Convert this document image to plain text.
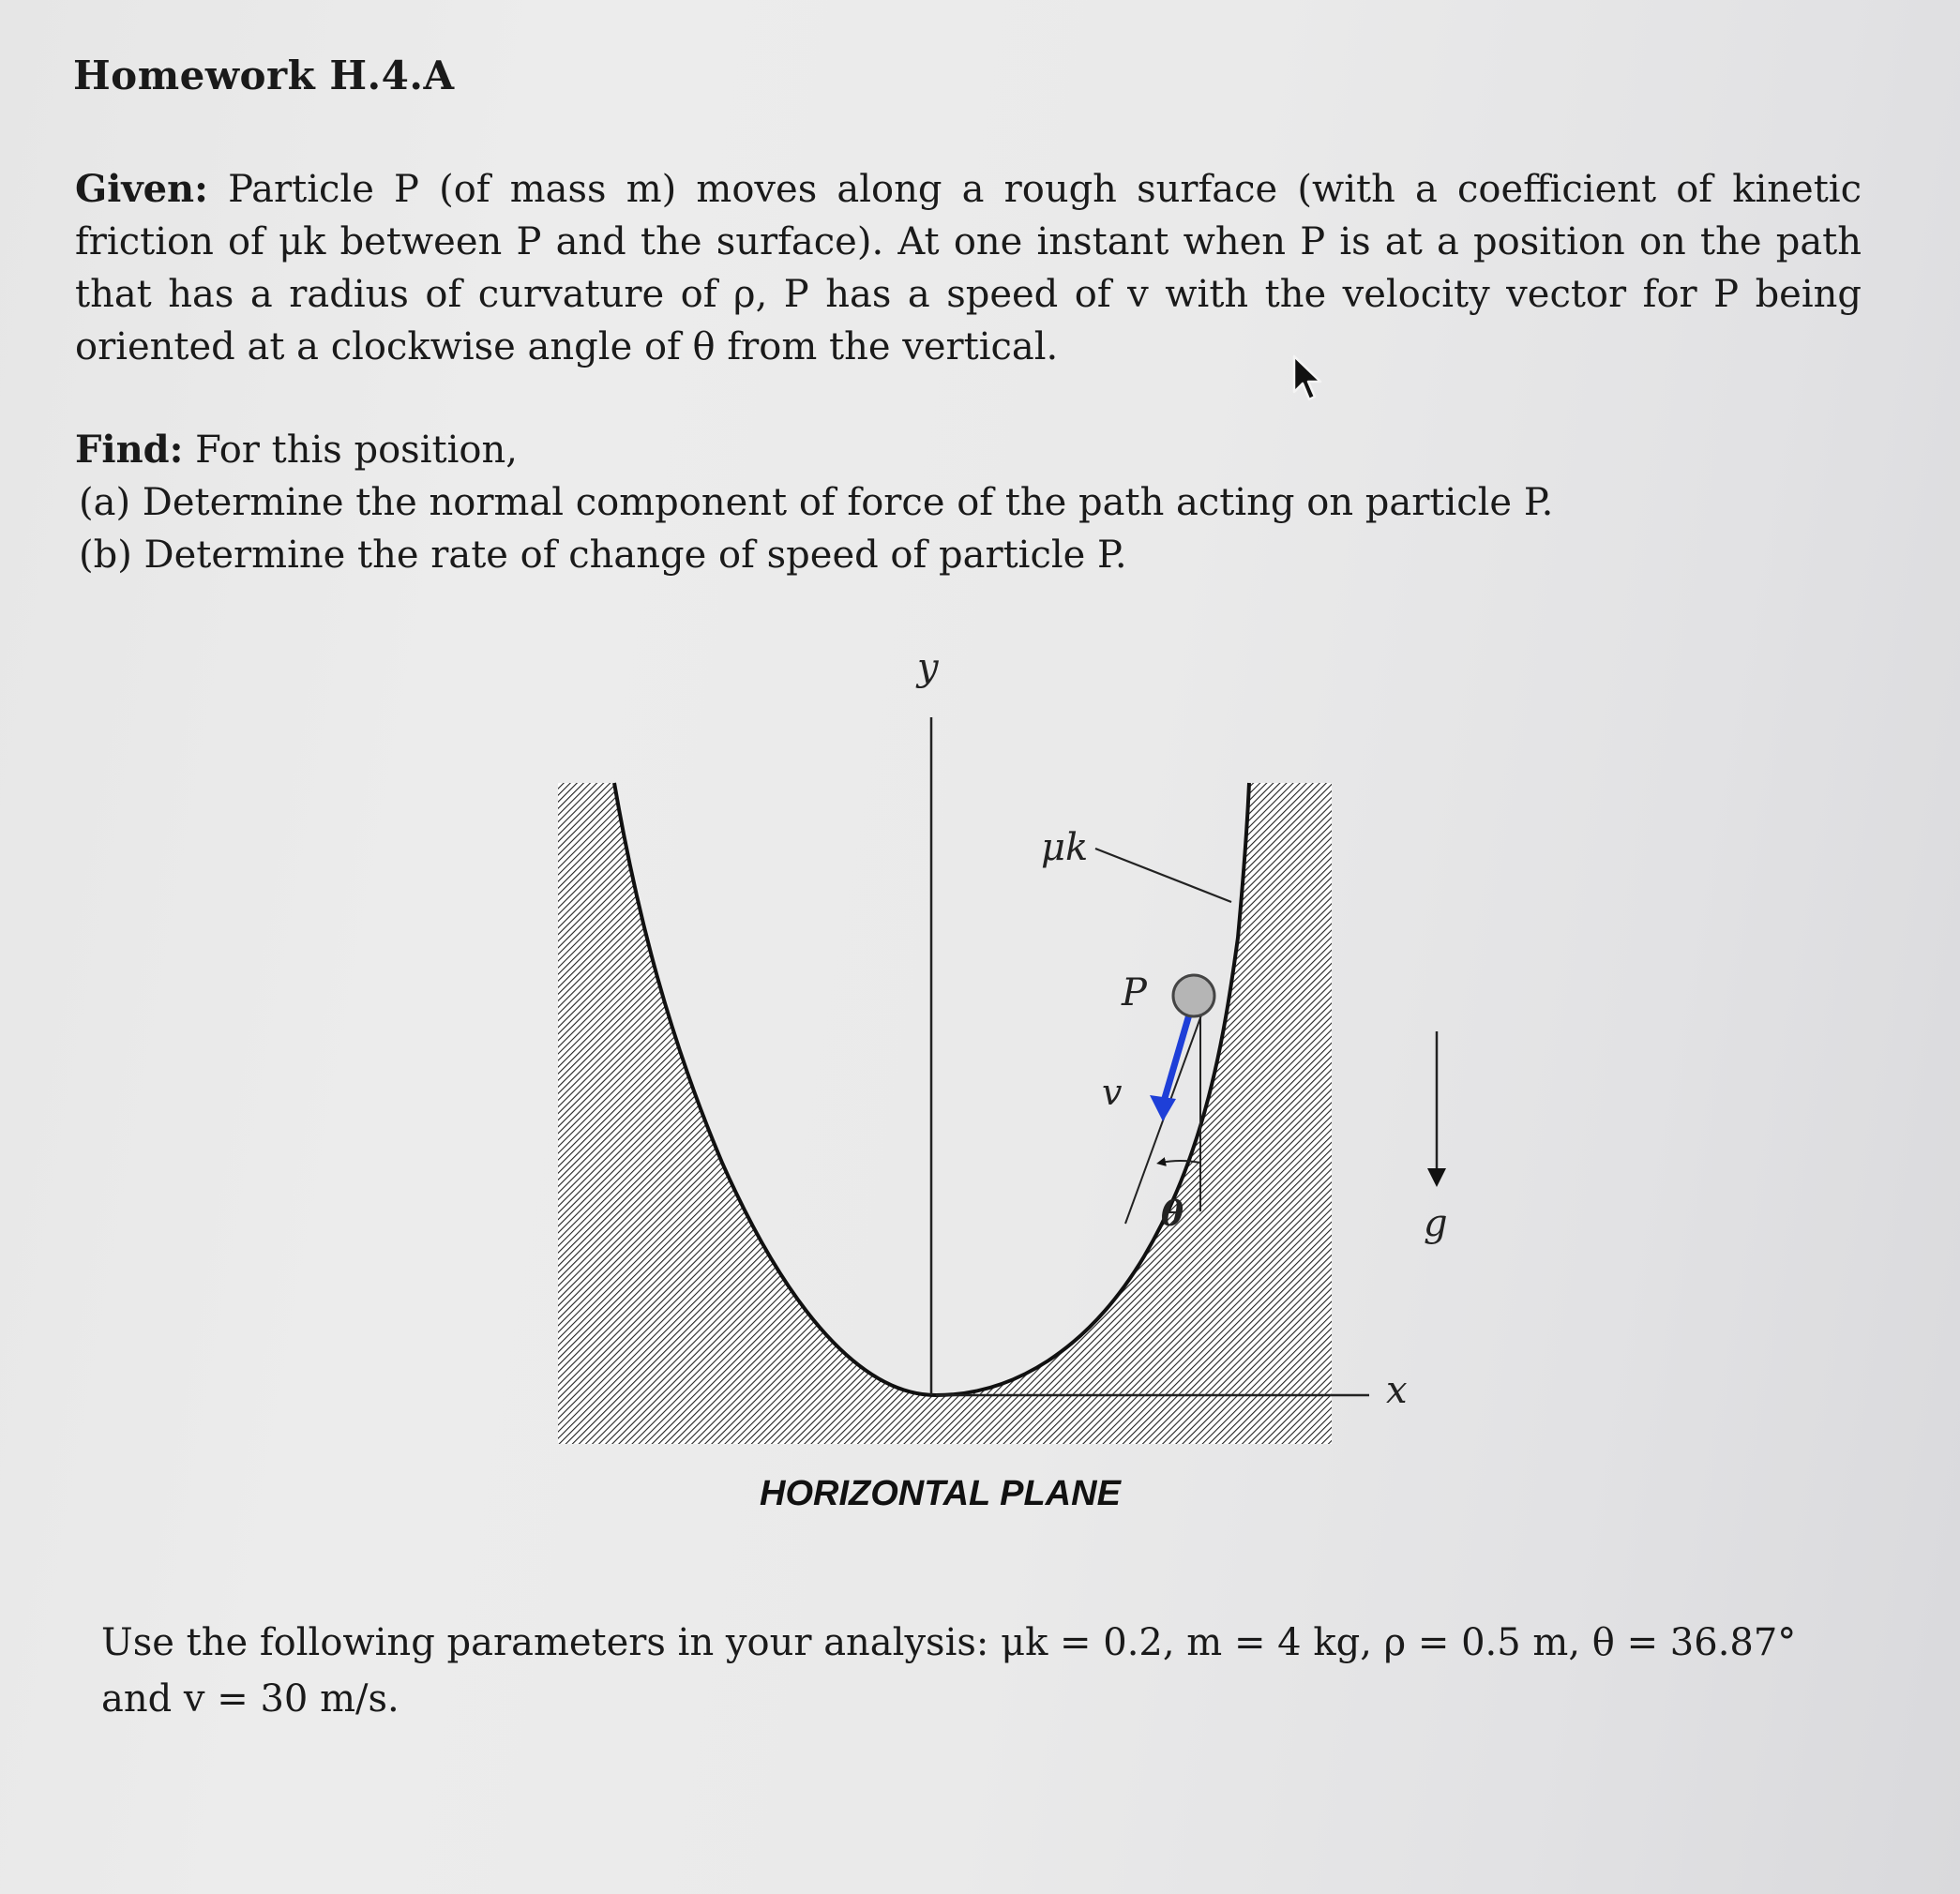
Homework H.4.A
Given: Particle P (of mass m) moves along a rough surface (with a coefficient of kinetic friction of μk between P and the surface). At one instant when P is at a position on the path that has a radius of curvature of ρ, P has a speed of v with the velocity vector for P being oriented at a clockwise angle of θ from the vertical.
Find: For this position,
(a) Determine the normal component of force of the path acting on particle P.
(b) Determine the rate of change of speed of particle P.
y
x
μk
θ
v
P
g
HORIZONTAL PLANE
Use the following parameters in your analysis: μk = 0.2, m = 4 kg, ρ = 0.5 m, θ = 36.87° and v = 30 m/s.
